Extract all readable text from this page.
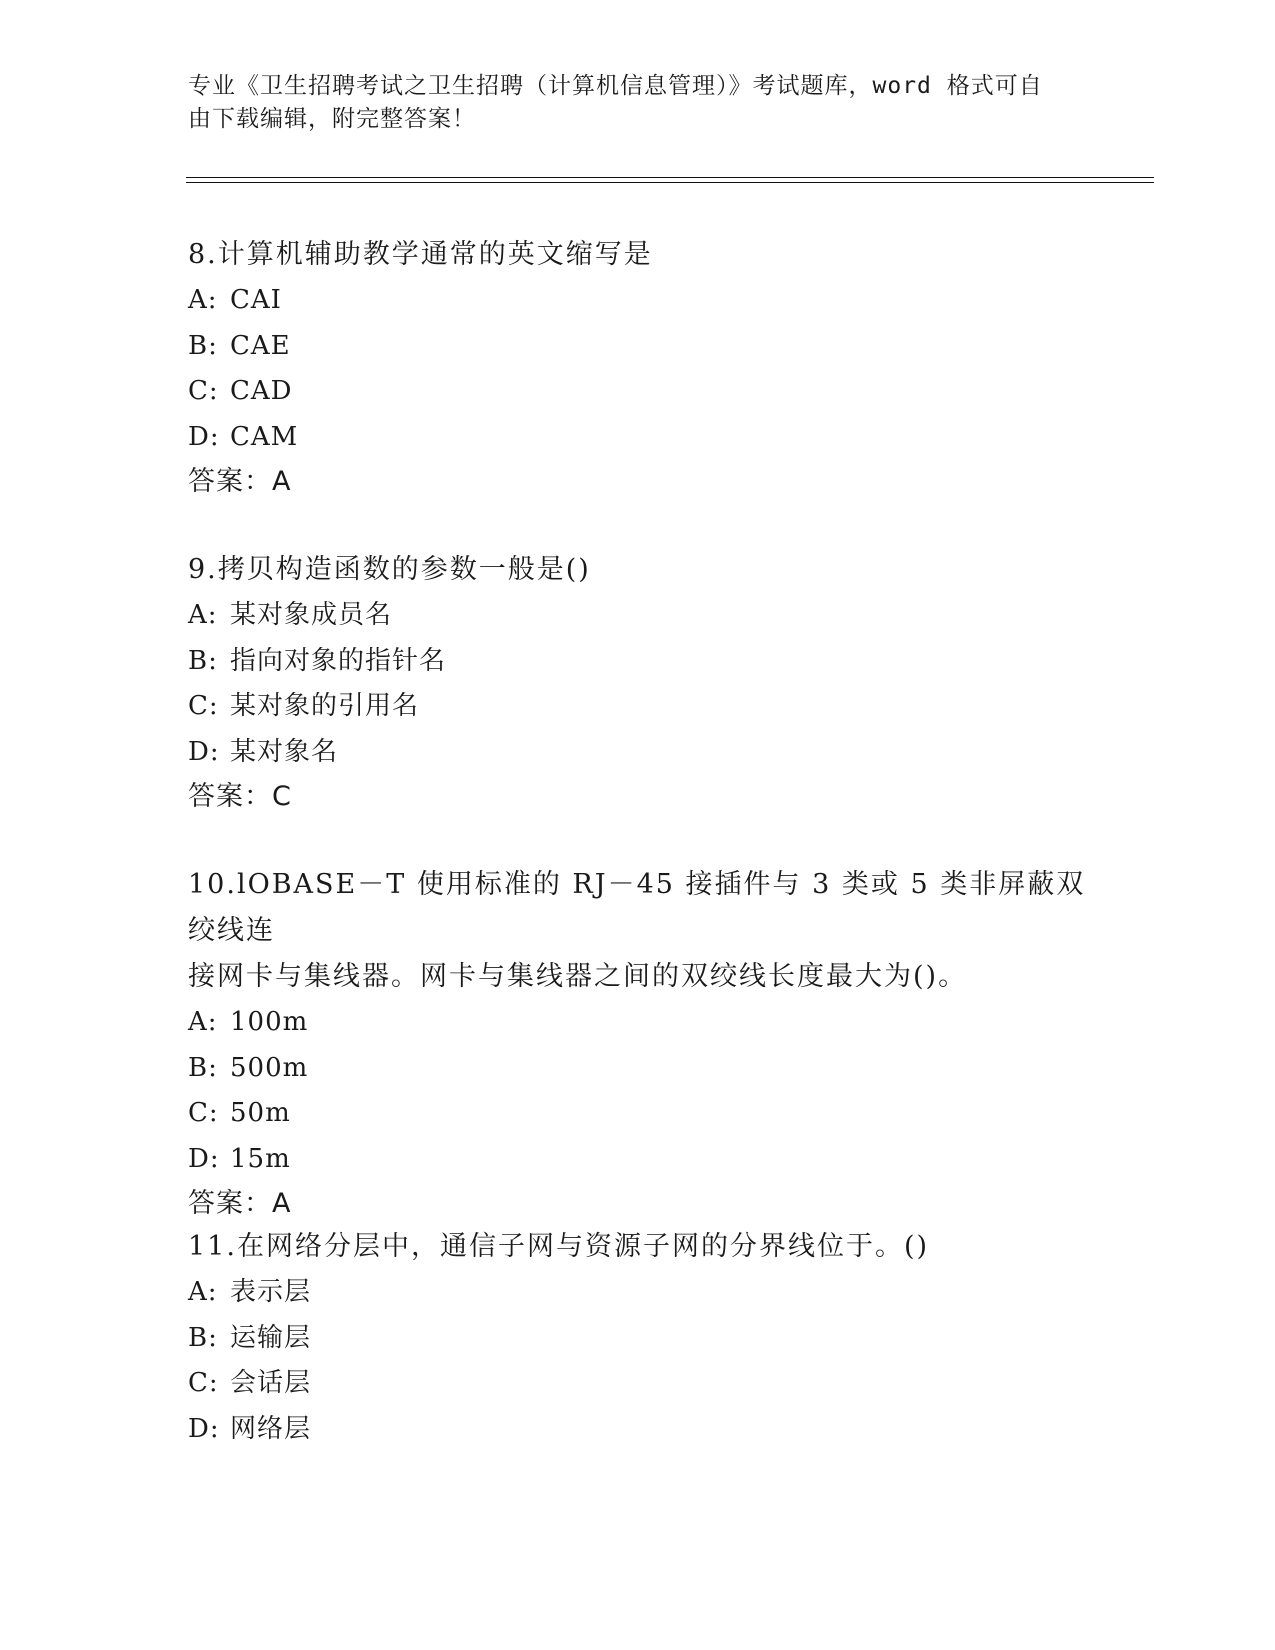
专业《卫生招聘考试之卫生招聘（计算机信息管理）》考试题库，word 格式可自
由下载编辑，附完整答案！
8.计算机辅助教学通常的英文缩写是
A: CAI
B: CAE
C: CAD
D: CAM
答案：A
9.拷贝构造函数的参数一般是()
A: 某对象成员名
B: 指向对象的指针名
C: 某对象的引用名
D: 某对象名
答案：C
10.lOBASE－T 使用标准的 RJ－45 接插件与 3 类或 5 类非屏蔽双绞线连
接网卡与集线器。网卡与集线器之间的双绞线长度最大为()。
A: 100m
B: 500m
C: 50m
D: 15m
答案：A
11.在网络分层中，通信子网与资源子网的分界线位于。()
A: 表示层
B: 运输层
C: 会话层
D: 网络层
